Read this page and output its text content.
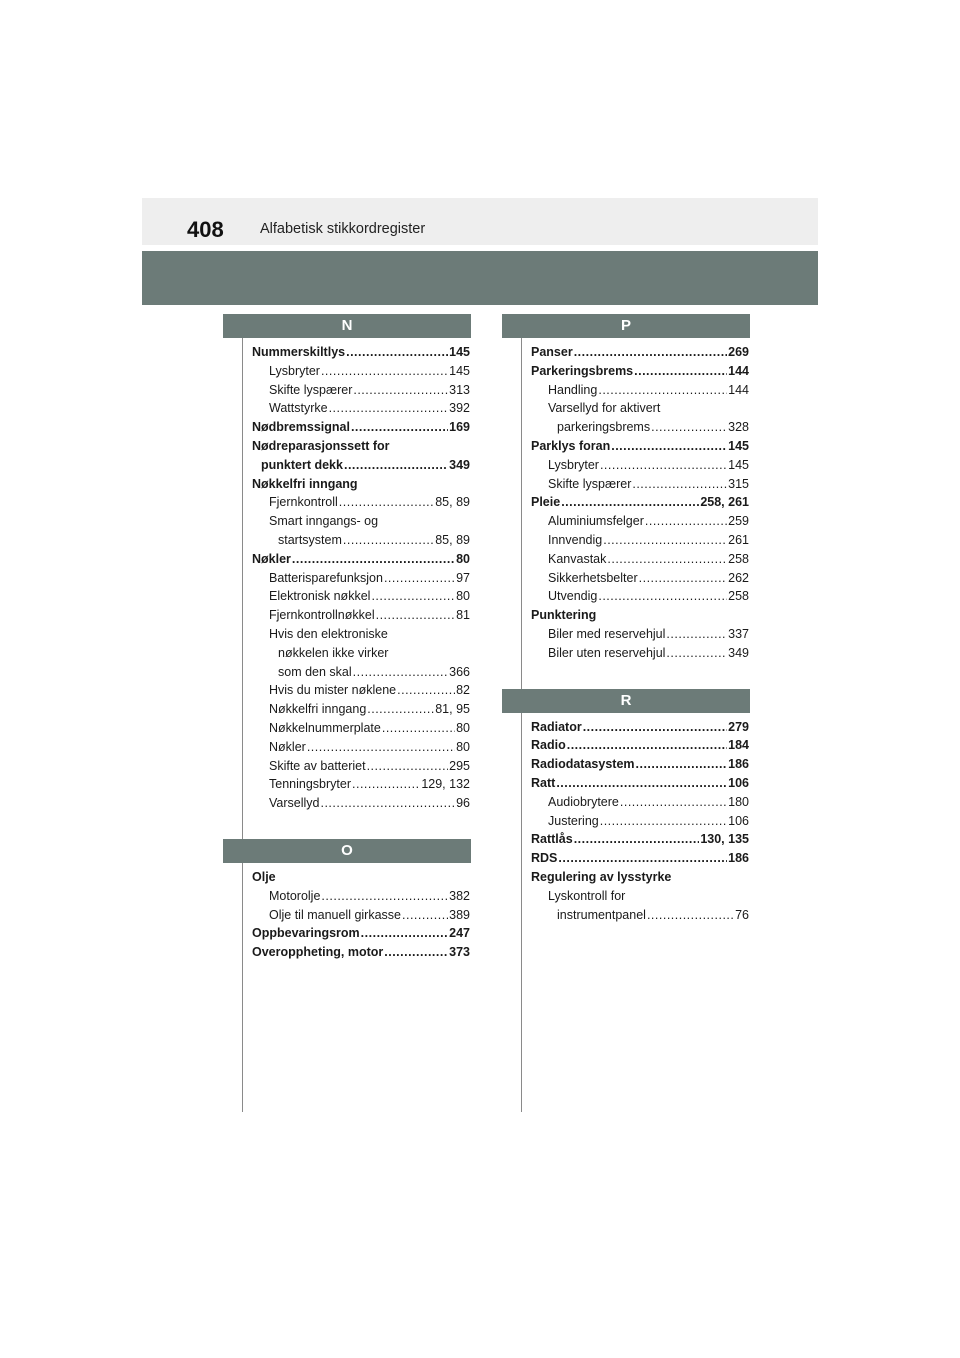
408	Alfabetisk stikkordregister
N
Nummerskiltlys .....	145
Lysbryter .....	145
Skifte lyspærer .....	313
Wattstyrke .....	392
Nødbremssignal .....	169
Nødreparasjonssett for
punktert dekk .....	349
Nøkkelfri inngang
Fjernkontroll .....	85, 89
Smart inngangs- og
startsystem .....	85, 89
Nøkler .....	80
Batterisparefunksjon .....	97
Elektronisk nøkkel .....	80
Fjernkontrollnøkkel .....	81
Hvis den elektroniske
nøkkelen ikke virker
som den skal .....	366
Hvis du mister nøklene .....	82
Nøkkelfri inngang .....	81, 95
Nøkkelnummerplate .....	80
Nøkler .....	80
Skifte av batteriet .....	295
Tenningsbryter .....	129, 132
Varsellyd .....	96
O
Olje
Motorolje .....	382
Olje til manuell girkasse .....	389
Oppbevaringsrom .....	247
Overoppheting, motor .....	373
P
Panser .....	269
Parkeringsbrems .....	144
Handling .....	144
Varsellyd for aktivert
parkeringsbrems .....	328
Parklys foran .....	145
Lysbryter .....	145
Skifte lyspærer .....	315
Pleie .....	258, 261
Aluminiumsfelger .....	259
Innvendig .....	261
Kanvastak .....	258
Sikkerhetsbelter .....	262
Utvendig .....	258
Punktering
Biler med reservehjul .....	337
Biler uten reservehjul .....	349
R
Radiator .....	279
Radio .....	184
Radiodatasystem .....	186
Ratt .....	106
Audiobrytere .....	180
Justering .....	106
Rattlås .....	130, 135
RDS .....	186
Regulering av lysstyrke
Lyskontroll for
instrumentpanel .....	76
